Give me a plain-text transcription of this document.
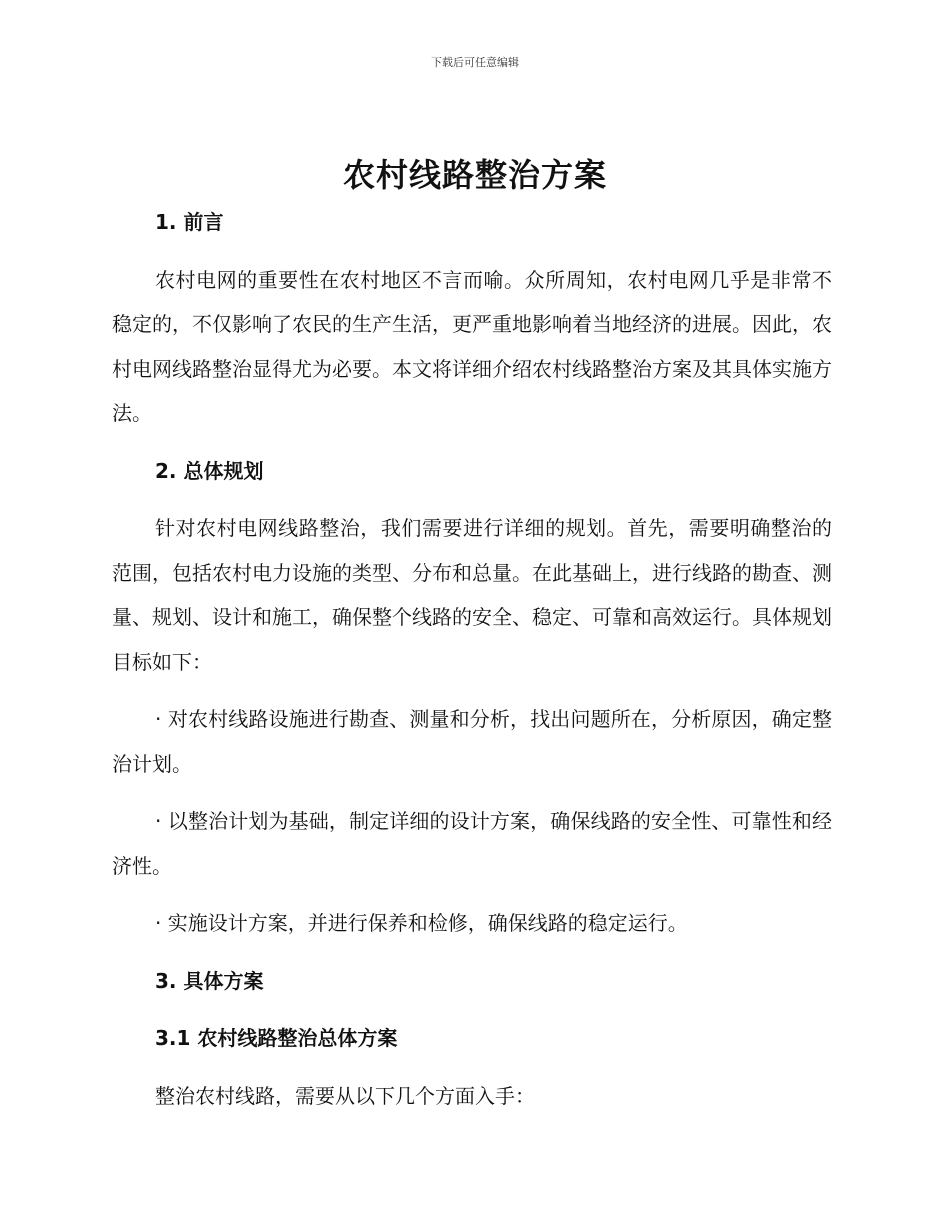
下载后可任意编辑
农村线路整治方案

1. 前言

农村电网的重要性在农村地区不言而喻。众所周知，农村电网几乎是非常不稳定的，不仅影响了农民的生产生活，更严重地影响着当地经济的进展。因此，农村电网线路整治显得尤为必要。本文将详细介绍农村线路整治方案及其具体实施方法。

2. 总体规划

针对农村电网线路整治，我们需要进行详细的规划。首先，需要明确整治的范围，包括农村电力设施的类型、分布和总量。在此基础上，进行线路的勘查、测量、规划、设计和施工，确保整个线路的安全、稳定、可靠和高效运行。具体规划目标如下：

· 对农村线路设施进行勘查、测量和分析，找出问题所在，分析原因，确定整治计划。

· 以整治计划为基础，制定详细的设计方案，确保线路的安全性、可靠性和经济性。

· 实施设计方案，并进行保养和检修，确保线路的稳定运行。

3. 具体方案

3.1 农村线路整治总体方案

整治农村线路，需要从以下几个方面入手：
